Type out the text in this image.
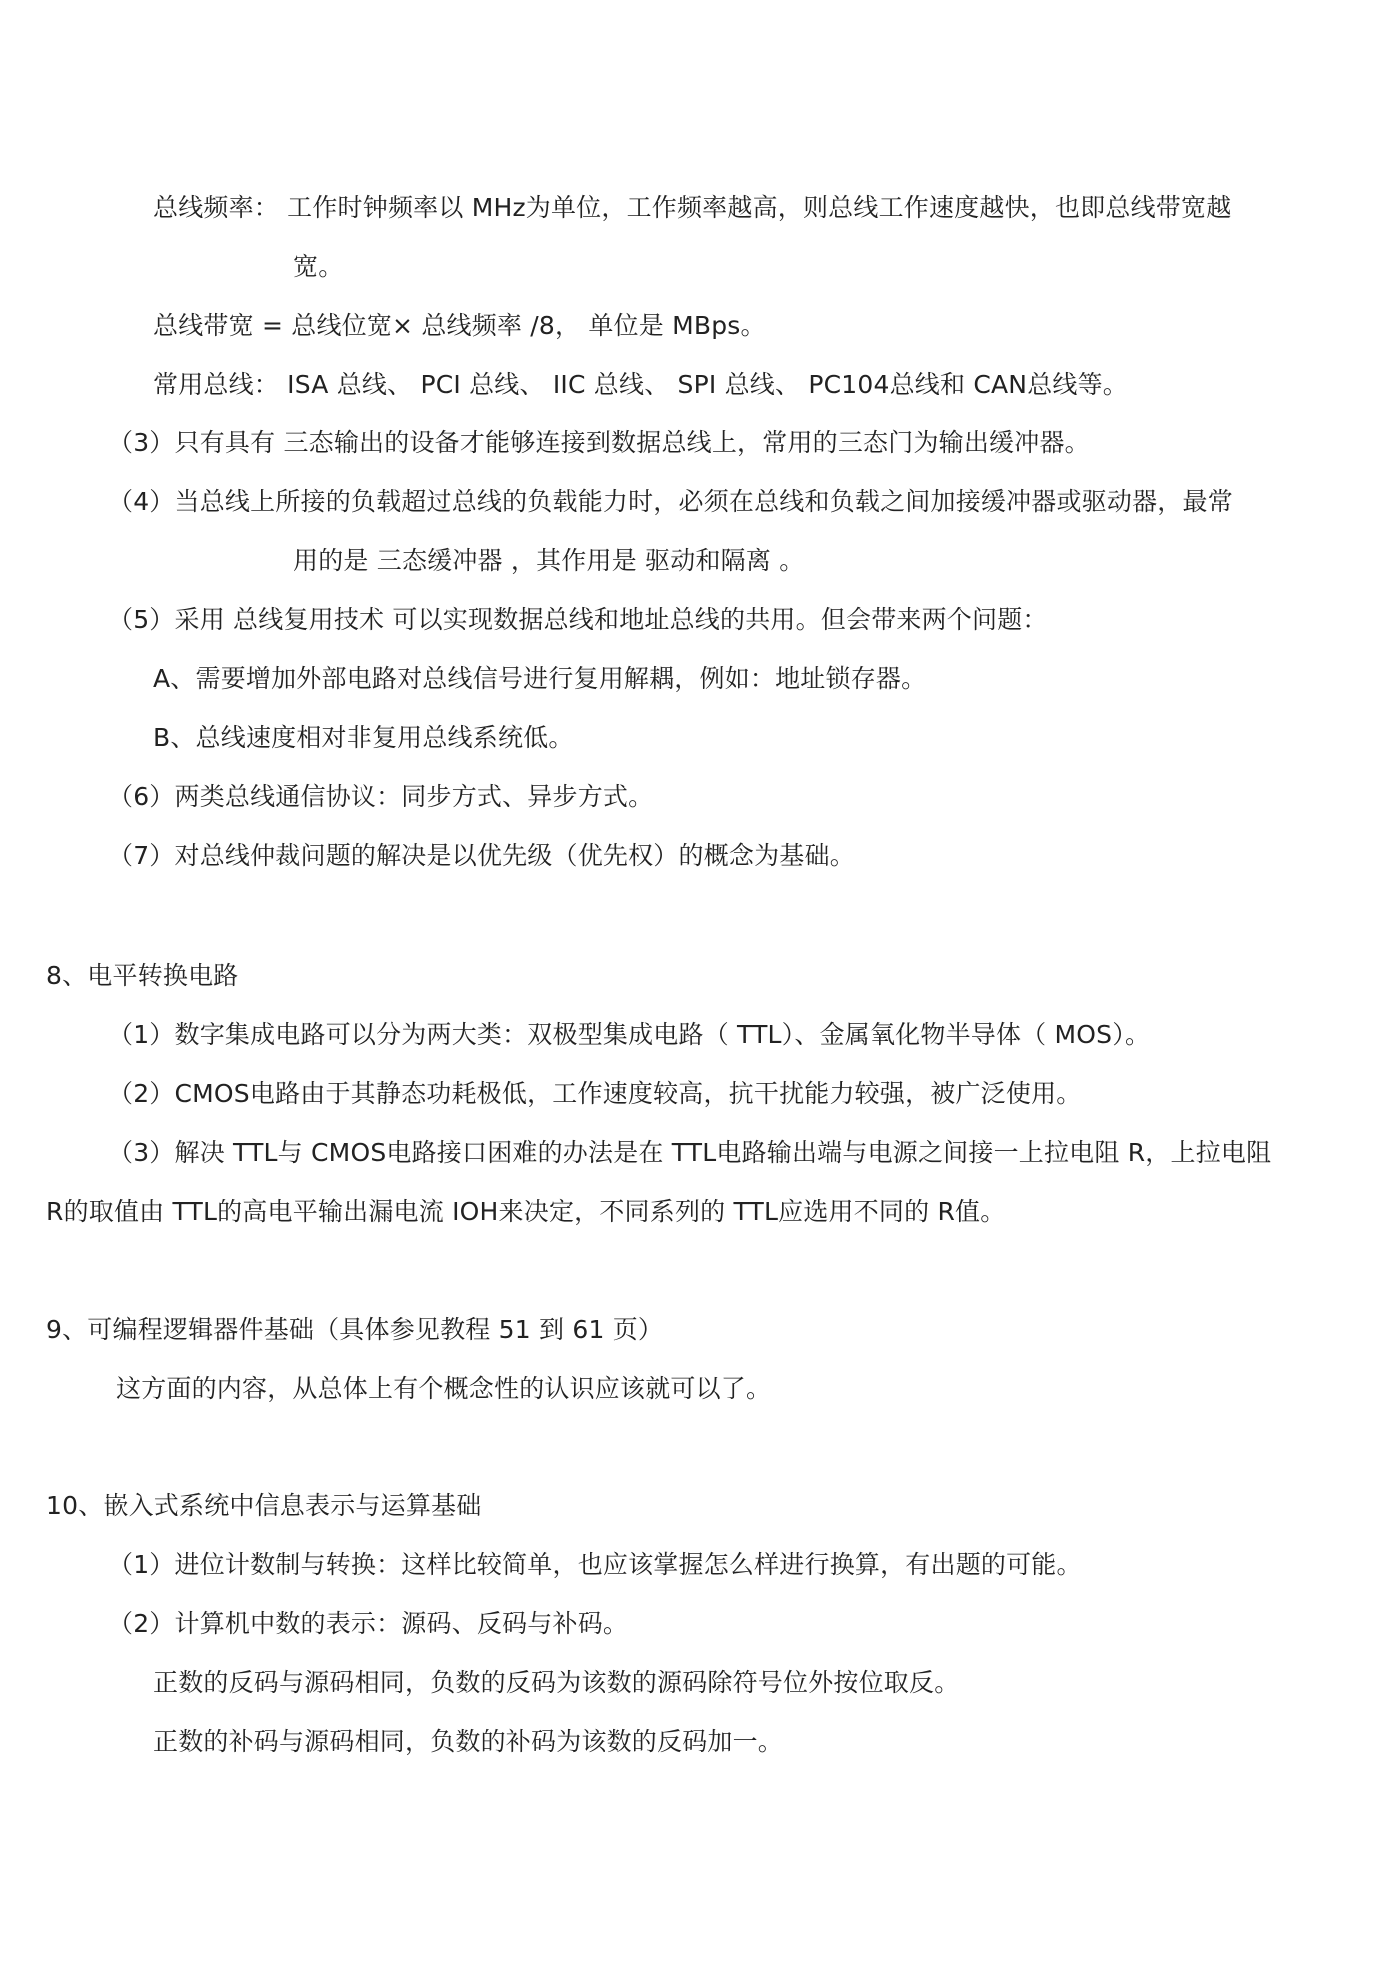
总线频率： 工作时钟频率以 MHz为单位，工作频率越高，则总线工作速度越快，也即总线带宽越
宽。
总线带宽 = 总线位宽× 总线频率 /8， 单位是 MBps。
常用总线： ISA 总线、 PCI 总线、 IIC 总线、 SPI 总线、 PC104总线和 CAN总线等。
（3）只有具有 三态输出的设备才能够连接到数据总线上，常用的三态门为输出缓冲器。
（4）当总线上所接的负载超过总线的负载能力时，必须在总线和负载之间加接缓冲器或驱动器，最常
用的是 三态缓冲器 ，其作用是 驱动和隔离 。
（5）采用 总线复用技术 可以实现数据总线和地址总线的共用。但会带来两个问题：
A、需要增加外部电路对总线信号进行复用解耦，例如：地址锁存器。
B、总线速度相对非复用总线系统低。
（6）两类总线通信协议：同步方式、异步方式。
（7）对总线仲裁问题的解决是以优先级（优先权）的概念为基础。
8、电平转换电路
（1）数字集成电路可以分为两大类：双极型集成电路（ TTL）、金属氧化物半导体（ MOS）。
（2）CMOS电路由于其静态功耗极低，工作速度较高，抗干扰能力较强，被广泛使用。
（3）解决 TTL与 CMOS电路接口困难的办法是在 TTL电路输出端与电源之间接一上拉电阻 R，上拉电阻
R的取值由 TTL的高电平输出漏电流 IOH来决定，不同系列的 TTL应选用不同的 R值。
9、可编程逻辑器件基础（具体参见教程 51 到 61 页）
这方面的内容，从总体上有个概念性的认识应该就可以了。
10、嵌入式系统中信息表示与运算基础
（1）进位计数制与转换：这样比较简单，也应该掌握怎么样进行换算，有出题的可能。
（2）计算机中数的表示：源码、反码与补码。
正数的反码与源码相同，负数的反码为该数的源码除符号位外按位取反。
正数的补码与源码相同，负数的补码为该数的反码加一。
